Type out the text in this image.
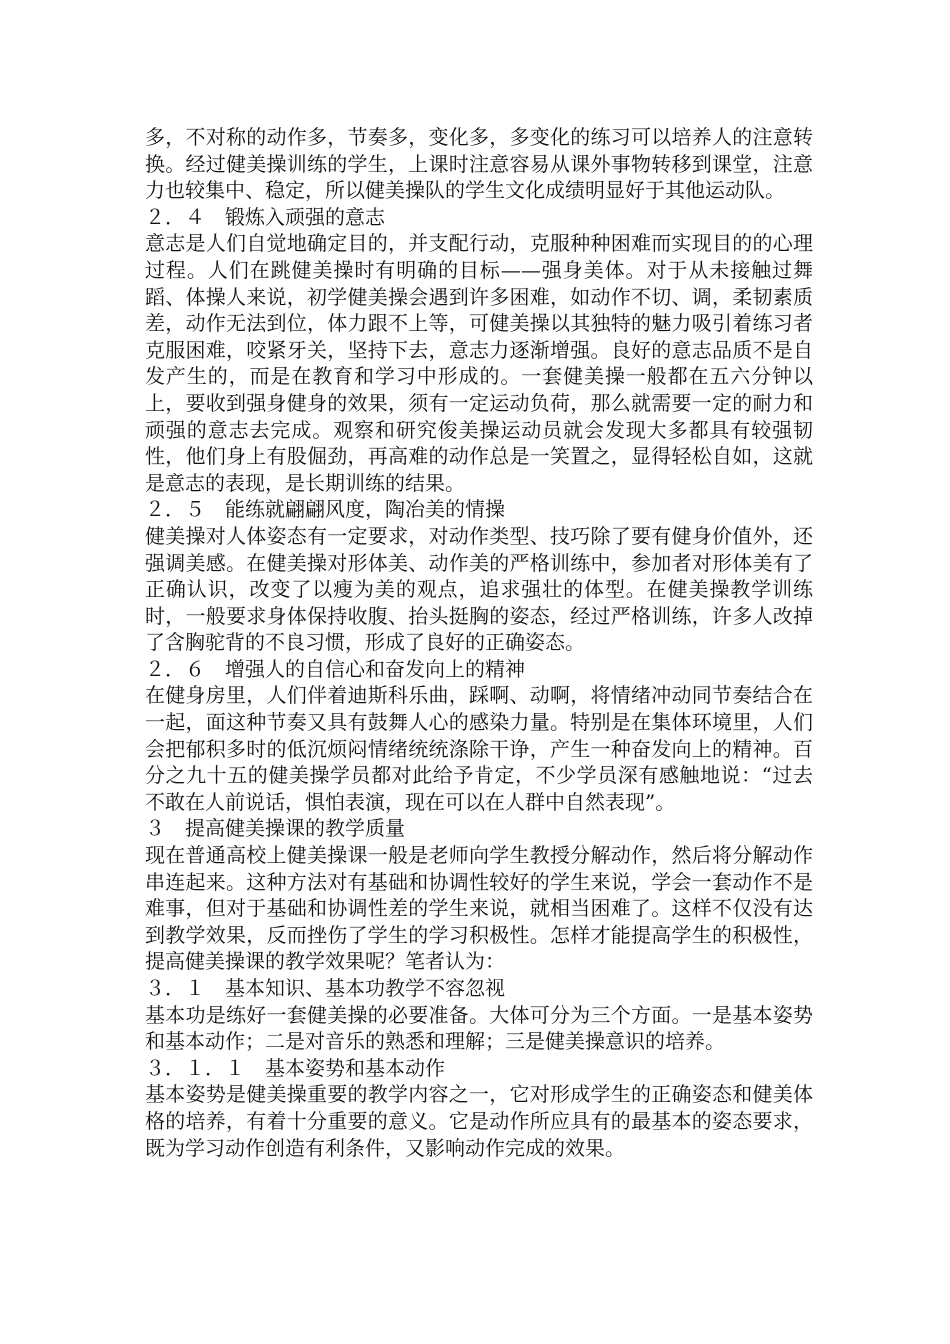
多，不对称的动作多，节奏多，变化多，多变化的练习可以培养人的注意转换。经过健美操训练的学生，上课时注意容易从课外事物转移到课堂，注意力也较集中、稳定，所以健美操队的学生文化成绩明显好于其他运动队。

２．４　锻炼入顽强的意志

意志是人们自觉地确定目的，并支配行动，克服种种困难而实现目的的心理过程。人们在跳健美操时有明确的目标——强身美体。对于从未接触过舞蹈、体操人来说，初学健美操会遇到许多困难，如动作不切、调，柔韧素质差，动作无法到位，体力跟不上等，可健美操以其独特的魅力吸引着练习者克服困难，咬紧牙关，坚持下去，意志力逐渐增强。良好的意志品质不是自发产生的，而是在教育和学习中形成的。一套健美操一般都在五六分钟以上，要收到强身健身的效果，须有一定运动负荷，那么就需要一定的耐力和顽强的意志去完成。观察和研究俊美操运动员就会发现大多都具有较强韧性，他们身上有股倔劲，再高难的动作总是一笑置之，显得轻松自如，这就是意志的表现，是长期训练的结果。

２．５　能练就翩翩风度，陶冶美的情操

健美操对人体姿态有一定要求，对动作类型、技巧除了要有健身价值外，还强调美感。在健美操对形体美、动作美的严格训练中，参加者对形体美有了正确认识，改变了以瘦为美的观点，追求强壮的体型。在健美操教学训练时，一般要求身体保持收腹、抬头挺胸的姿态，经过严格训练，许多人改掉了含胸驼背的不良习惯，形成了良好的正确姿态。

２．６　增强人的自信心和奋发向上的精神

在健身房里，人们伴着迪斯科乐曲，踩啊、动啊，将情绪冲动同节奏结合在一起，面这种节奏又具有鼓舞人心的感染力量。特别是在集体环境里，人们会把郁积多时的低沉烦闷情绪统统涤除干诤，产生一种奋发向上的精神。百分之九十五的健美操学员都对此给予肯定，不少学员深有感触地说：“过去不敢在人前说话，惧怕表演，现在可以在人群中自然表现”。

３　提高健美操课的教学质量

现在普通高校上健美操课一般是老师向学生教授分解动作，然后将分解动作串连起来。这种方法对有基础和协调性较好的学生来说，学会一套动作不是难事，但对于基础和协调性差的学生来说，就相当困难了。这样不仅没有达到教学效果，反而挫伤了学生的学习积极性。怎样才能提高学生的积极性，提高健美操课的教学效果呢？笔者认为：

３．１　基本知识、基本功教学不容忽视

基本功是练好一套健美操的必要准备。大体可分为三个方面。一是基本姿势和基本动作；二是对音乐的熟悉和理解；三是健美操意识的培养。

３．１．１　基本姿势和基本动作

基本姿势是健美操重要的教学内容之一，它对形成学生的正确姿态和健美体格的培养，有着十分重要的意义。它是动作所应具有的最基本的姿态要求，既为学习动作创造有利条件，又影响动作完成的效果。
